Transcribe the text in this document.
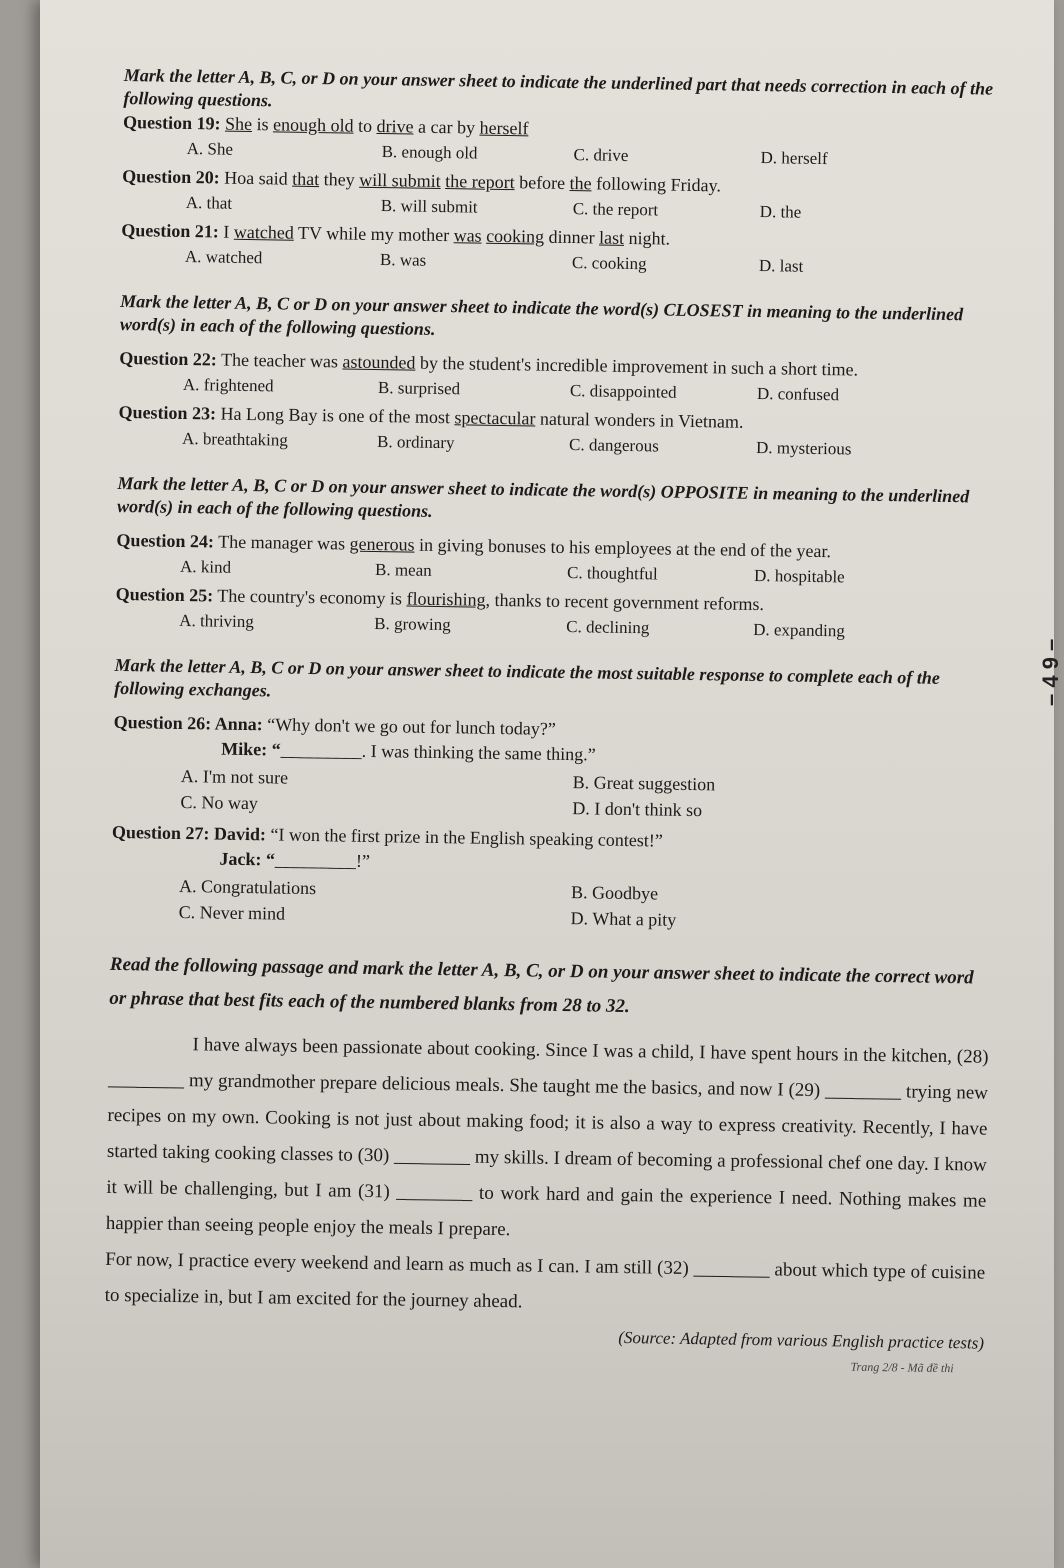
Mark the letter A, B, C, or D on your answer sheet to indicate the underlined part that needs correction in each of the following questions.

Question 19: She is enough old to drive a car by herself

A. She	B. enough old	C. drive	D. herself

Question 20: Hoa said that they will submit the report before the following Friday.

A. that	B. will submit	C. the report	D. the

Question 21: I watched TV while my mother was cooking dinner last night.

A. watched	B. was	C. cooking	D. last

Mark the letter A, B, C or D on your answer sheet to indicate the word(s) CLOSEST in meaning to the underlined word(s) in each of the following questions.

Question 22: The teacher was astounded by the student's incredible improvement in such a short time.

A. frightened	B. surprised	C. disappointed	D. confused

Question 23: Ha Long Bay is one of the most spectacular natural wonders in Vietnam.

A. breathtaking	B. ordinary	C. dangerous	D. mysterious

Mark the letter A, B, C or D on your answer sheet to indicate the word(s) OPPOSITE in meaning to the underlined word(s) in each of the following questions.

Question 24: The manager was generous in giving bonuses to his employees at the end of the year.

A. kind	B. mean	C. thoughtful	D. hospitable

Question 25: The country's economy is flourishing, thanks to recent government reforms.

A. thriving	B. growing	C. declining	D. expanding

Mark the letter A, B, C or D on your answer sheet to indicate the most suitable response to complete each of the following exchanges.

Question 26: Anna: “Why don't we go out for lunch today?”

Mike: “_________. I was thinking the same thing.”
A. I'm not sure	B. Great suggestion
C. No way	D. I don't think so

Question 27: David: “I won the first prize in the English speaking contest!”

Jack: “_________!”
A. Congratulations	B. Goodbye
C. Never mind	D. What a pity

Read the following passage and mark the letter A, B, C, or D on your answer sheet to indicate the correct word or phrase that best fits each of the numbered blanks from 28 to 32.

I have always been passionate about cooking. Since I was a child, I have spent hours in the kitchen, (28) ________ my grandmother prepare delicious meals. She taught me the basics, and now I (29) ________ trying new recipes on my own. Cooking is not just about making food; it is also a way to express creativity. Recently, I have started taking cooking classes to (30) ________ my skills. I dream of becoming a professional chef one day. I know it will be challenging, but I am (31) ________ to work hard and gain the experience I need. Nothing makes me happier than seeing people enjoy the meals I prepare.

For now, I practice every weekend and learn as much as I can. I am still (32) ________ about which type of cuisine to specialize in, but I am excited for the journey ahead.

(Source: Adapted from various English practice tests)
Trang 2/8 - Mã đề thi
– 4 9 –
